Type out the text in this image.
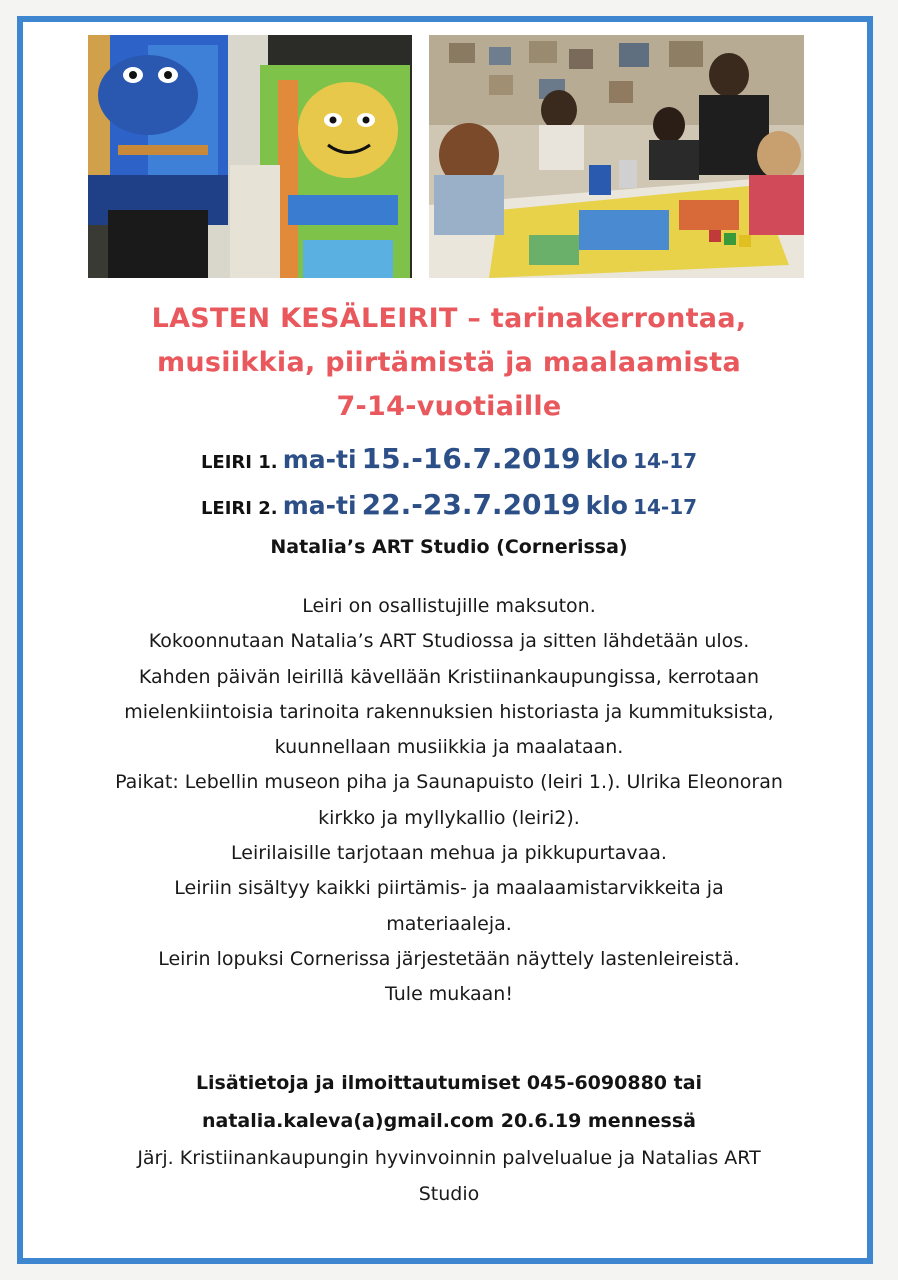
LASTEN KESÄLEIRIT – tarinakerrontaa,
musiikkia, piirtämistä ja maalaamista
7-14-vuotiaille
LEIRI 1. ma-ti 15.-16.7.2019 klo 14-17
LEIRI 2. ma-ti 22.-23.7.2019 klo 14-17
Natalia’s ART Studio (Cornerissa)
Leiri on osallistujille maksuton.
Kokoonnutaan Natalia’s ART Studiossa ja sitten lähdetään ulos.
Kahden päivän leirillä kävellään Kristiinankaupungissa, kerrotaan
mielenkiintoisia tarinoita rakennuksien historiasta ja kummituksista,
kuunnellaan musiikkia ja maalataan.
Paikat: Lebellin museon piha ja Saunapuisto (leiri 1.). Ulrika Eleonoran
kirkko ja myllykallio (leiri2).
Leirilaisille tarjotaan mehua ja pikkupurtavaa.
Leiriin sisältyy kaikki piirtämis- ja maalaamistarvikkeita ja
materiaaleja.
Leirin lopuksi Cornerissa järjestetään näyttely lastenleireistä.
Tule mukaan!
Lisätietoja ja ilmoittautumiset 045-6090880 tai
natalia.kaleva(a)gmail.com 20.6.19 mennessä
Järj. Kristiinankaupungin hyvinvoinnin palvelualue ja Natalias ART
Studio
